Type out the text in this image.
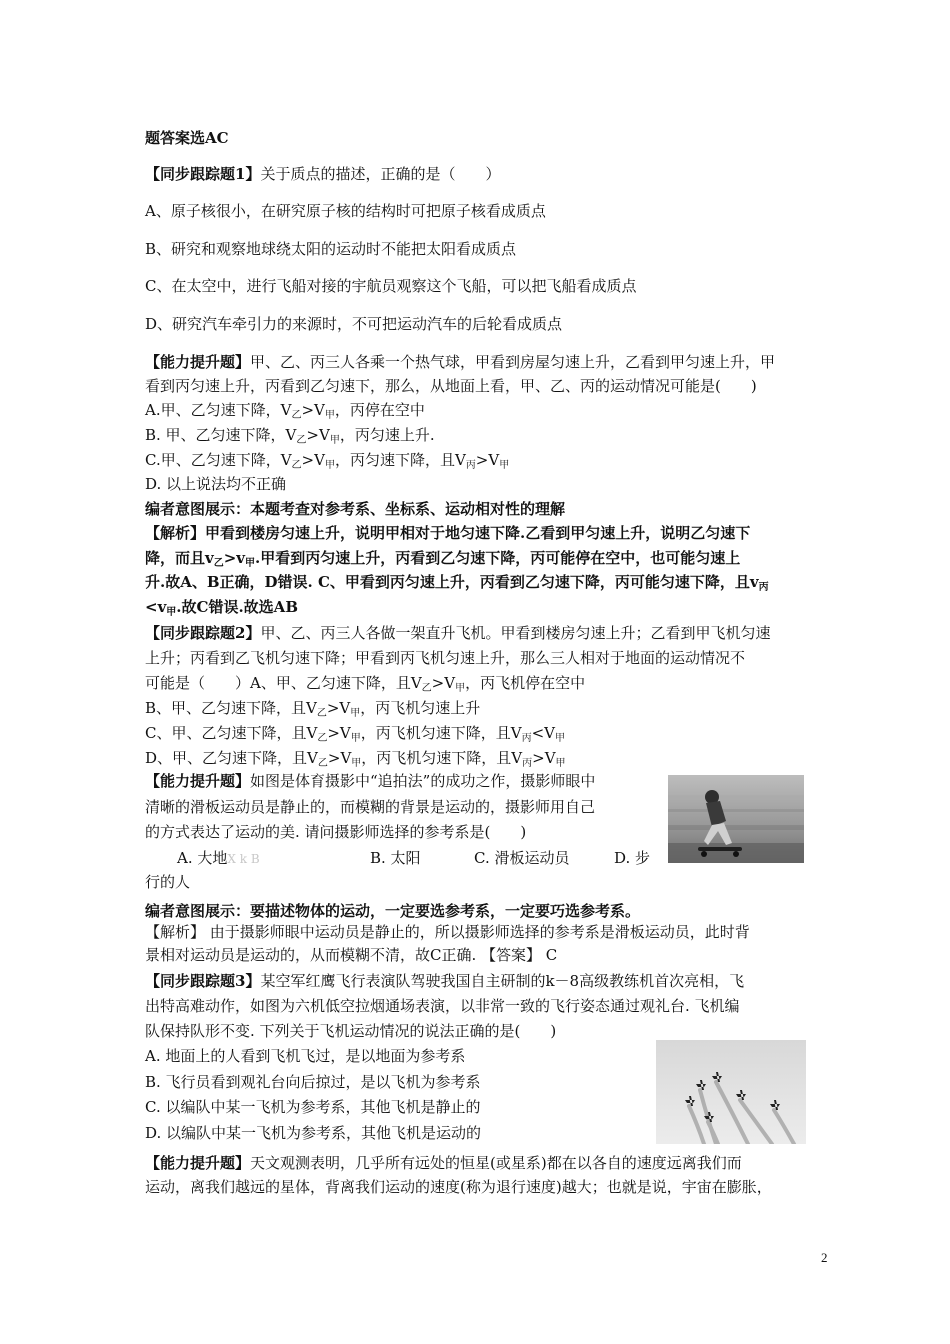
题答案选AC
【同步跟踪题1】关于质点的描述，正确的是（　　）
A、原子核很小，在研究原子核的结构时可把原子核看成质点
B、研究和观察地球绕太阳的运动时不能把太阳看成质点
C、在太空中，进行飞船对接的宇航员观察这个飞船，可以把飞船看成质点
D、研究汽车牵引力的来源时，不可把运动汽车的后轮看成质点
【能力提升题】甲、乙、丙三人各乘一个热气球，甲看到房屋匀速上升，乙看到甲匀速上升，甲
看到丙匀速上升，丙看到乙匀速下，那么，从地面上看，甲、乙、丙的运动情况可能是(　　)
A.甲、乙匀速下降，$V_乙>V_甲$，丙停在空中
B. 甲、乙匀速下降，$V_乙>V_甲$，丙匀速上升.
C.甲、乙匀速下降，$V_乙>V_甲$，丙匀速下降，且$V_丙>V_甲$
D. 以上说法均不正确
编者意图展示：本题考查对参考系、坐标系、运动相对性的理解
【解析】甲看到楼房匀速上升，说明甲相对于地匀速下降.乙看到甲匀速上升，说明乙匀速下
降，而且$v_乙>v_甲$.甲看到丙匀速上升，丙看到乙匀速下降，丙可能停在空中，也可能匀速上
升.故A、B正确，D错误. C、甲看到丙匀速上升，丙看到乙匀速下降，丙可能匀速下降，且$v_丙$
$<v_甲$.故C错误.故选AB
【同步跟踪题2】甲、乙、丙三人各做一架直升飞机。甲看到楼房匀速上升；乙看到甲飞机匀速
上升；丙看到乙飞机匀速下降；甲看到丙飞机匀速上升，那么三人相对于地面的运动情况不
可能是（　　）A、甲、乙匀速下降，且$V_乙>V_甲$，丙飞机停在空中
B、甲、乙匀速下降，且$V_乙>V_甲$，丙飞机匀速上升
C、甲、乙匀速下降，且$V_乙>V_甲$，丙飞机匀速下降，且$V_丙<V_甲$
D、甲、乙匀速下降，且$V_乙>V_甲$，丙飞机匀速下降，且$V_丙>V_甲$
【能力提升题】如图是体育摄影中“追拍法”的成功之作，摄影师眼中
清晰的滑板运动员是静止的，而模糊的背景是运动的，摄影师用自己
的方式表达了运动的美. 请问摄影师选择的参考系是(　　)
A. 大地X k B	B. 太阳	C. 滑板运动员	D. 步
行的人
编者意图展示：要描述物体的运动，一定要选参考系，一定要巧选参考系。
【解析】 由于摄影师眼中运动员是静止的，所以摄影师选择的参考系是滑板运动员，此时背
景相对运动员是运动的，从而模糊不清，故C正确. 【答案】 C
【同步跟踪题3】某空军红鹰飞行表演队驾驶我国自主研制的k－8高级教练机首次亮相，飞
出特高难动作，如图为六机低空拉烟通场表演，以非常一致的飞行姿态通过观礼台. 飞机编
队保持队形不变. 下列关于飞机运动情况的说法正确的是(　　)
A. 地面上的人看到飞机飞过，是以地面为参考系
B. 飞行员看到观礼台向后掠过，是以飞机为参考系
C. 以编队中某一飞机为参考系，其他飞机是静止的
D. 以编队中某一飞机为参考系，其他飞机是运动的
【能力提升题】天文观测表明，几乎所有远处的恒星(或星系)都在以各自的速度远离我们而
运动，离我们越远的星体，背离我们运动的速度(称为退行速度)越大；也就是说，宇宙在膨胀，
2
